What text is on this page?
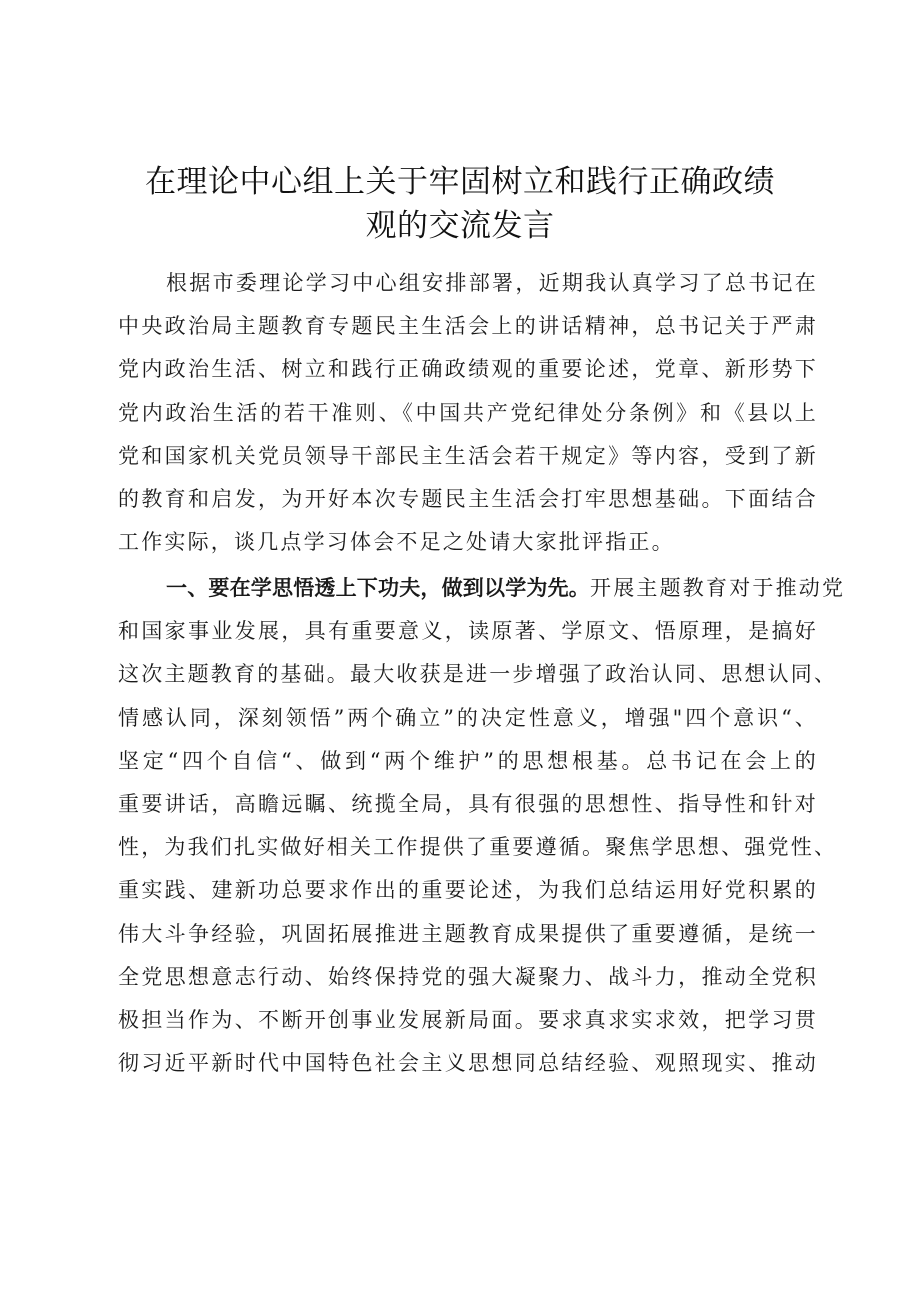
在理论中心组上关于牢固树立和践行正确政绩
观的交流发言
根据市委理论学习中心组安排部署，近期我认真学习了总书记在
中央政治局主题教育专题民主生活会上的讲话精神，总书记关于严肃
党内政治生活、树立和践行正确政绩观的重要论述，党章、新形势下
党内政治生活的若干准则、《中国共产党纪律处分条例》和《县以上
党和国家机关党员领导干部民主生活会若干规定》等内容，受到了新
的教育和启发，为开好本次专题民主生活会打牢思想基础。下面结合
工作实际，谈几点学习体会不足之处请大家批评指正。
一、要在学思悟透上下功夫，做到以学为先。开展主题教育对于推动党
和国家事业发展，具有重要意义，读原著、学原文、悟原理，是搞好
这次主题教育的基础。最大收获是进一步增强了政治认同、思想认同、
情感认同，深刻领悟”两个确立”的决定性意义，增强"四个意识“、
坚定“四个自信“、做到“两个维护”的思想根基。总书记在会上的
重要讲话，高瞻远瞩、统揽全局，具有很强的思想性、指导性和针对
性，为我们扎实做好相关工作提供了重要遵循。聚焦学思想、强党性、
重实践、建新功总要求作出的重要论述，为我们总结运用好党积累的
伟大斗争经验，巩固拓展推进主题教育成果提供了重要遵循，是统一
全党思想意志行动、始终保持党的强大凝聚力、战斗力，推动全党积
极担当作为、不断开创事业发展新局面。要求真求实求效，把学习贯
彻习近平新时代中国特色社会主义思想同总结经验、观照现实、推动
